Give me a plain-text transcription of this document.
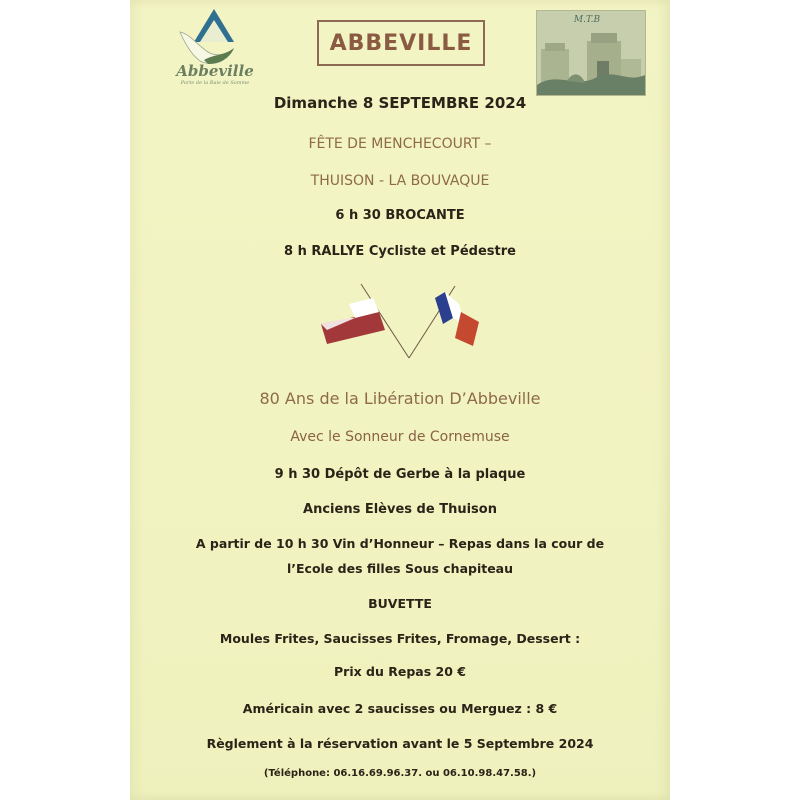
Abbeville
Porte de la Baie de Somme
ABBEVILLE
M.T.B
Dimanche 8 SEPTEMBRE 2024
FÊTE DE MENCHECOURT –
THUISON - LA BOUVAQUE
6 h 30 BROCANTE
8 h RALLYE Cycliste et Pédestre
80 Ans de la Libération D’Abbeville
Avec le Sonneur de Cornemuse
9 h 30 Dépôt de Gerbe à la plaque
Anciens Elèves de Thuison
A partir de 10 h 30 Vin d’Honneur – Repas dans la cour de
l’Ecole des filles Sous chapiteau
BUVETTE
Moules Frites, Saucisses Frites, Fromage, Dessert :
Prix du Repas 20 €
Américain avec 2 saucisses ou Merguez : 8 €
Règlement à la réservation avant le 5 Septembre 2024
(Téléphone: 06.16.69.96.37. ou 06.10.98.47.58.)
